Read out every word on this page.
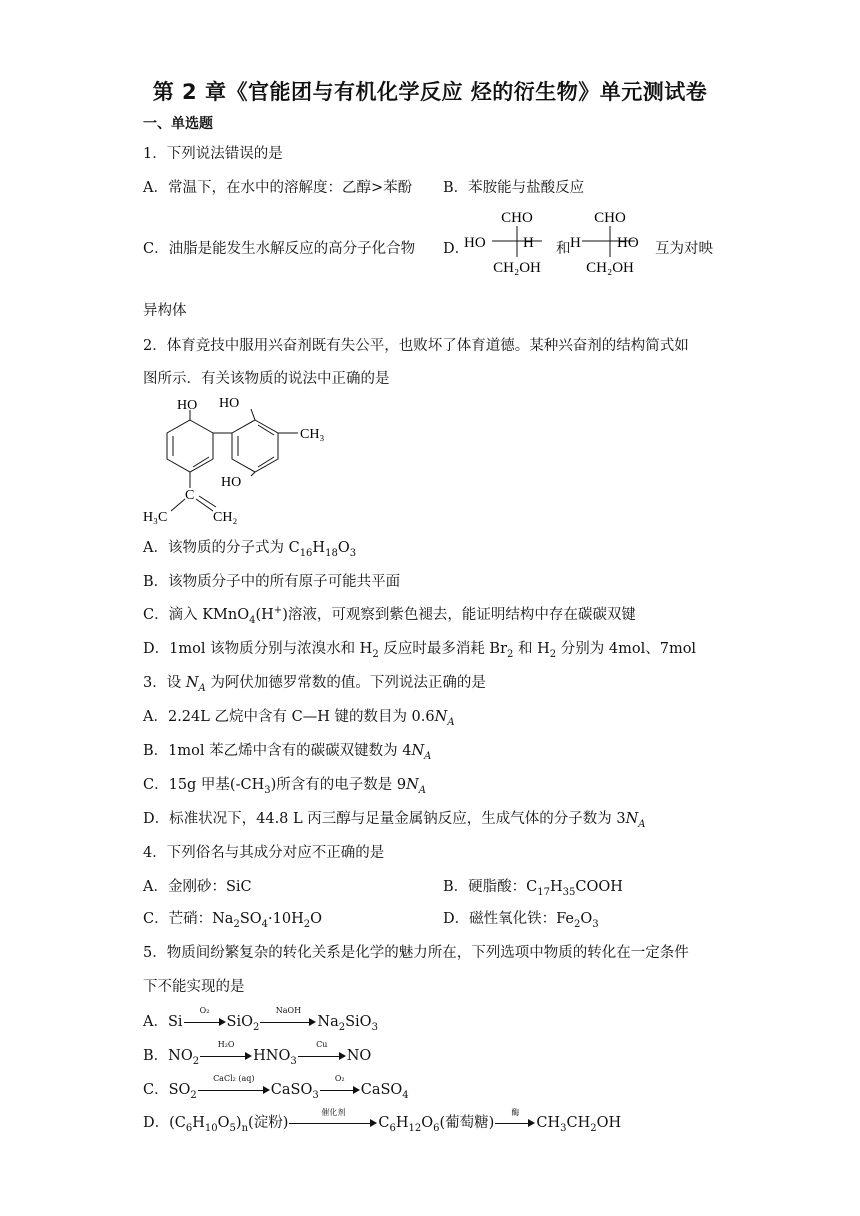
第 2 章《官能团与有机化学反应 烃的衍生物》单元测试卷
一、单选题
1．下列说法错误的是
A．常温下，在水中的溶解度：乙醇>苯酚 B．苯胺能与盐酸反应
C．油脂是能发生水解反应的高分子化合物 D．
CHO
HO H
CH₂OH
和
CHO
H HO
CH₂OH
互为对映
异构体
2．体育竞技中服用兴奋剂既有失公平，也败坏了体育道德。某种兴奋剂的结构简式如
图所示．有关该物质的说法中正确的是
HO HO
CH₃
HO
C
H₃C	CH₂
A．该物质的分子式为 $C_{16}H_{18}O_3$
B．该物质分子中的所有原子可能共平面
C．滴入 KMnO$_4$(H+)溶液，可观察到紫色褪去，能证明结构中存在碳碳双键
D．1mol 该物质分别与浓溴水和 $H_2$ 反应时最多消耗 $Br_2$ 和 $H_2$ 分别为 4mol、7mol
3．设 $N_A$ 为阿伏加德罗常数的值。下列说法正确的是
A．2.24L 乙烷中含有 C—H 键的数目为 $0.6N_A$
B．1mol 苯乙烯中含有的碳碳双键数为 $4N_A$
C．15g 甲基$(-CH_3)$所含有的电子数是 $9N_A$
D．标准状况下，44.8 L 丙三醇与足量金属钠反应，生成气体的分子数为 $3N_A$
4．下列俗名与其成分对应不正确的是
A．金刚砂：SiC	B．硬脂酸：$C_{17}H_{35}COOH$
C．芒硝：$Na_2SO_4\cdot 10H_2O$	D．磁性氧化铁：$Fe_2O_3$
5．物质间纷繁复杂的转化关系是化学的魅力所在，下列选项中物质的转化在一定条件
下不能实现的是
A．Si
O₂
SiO$_2$
NaOH
$Na_2SiO_3$
B．$NO_2$
H₂O
$HNO_3$
Cu
NO
C．$SO_2$
CaCl₂ (aq)
CaSO$_3$
O₂
CaSO$_4$
D．$(C_6H_{10}O_5)_n$(淀粉)
催化剂
$C_6H_{12}O_6$(葡萄糖)
酶
$CH_3CH_2OH$
